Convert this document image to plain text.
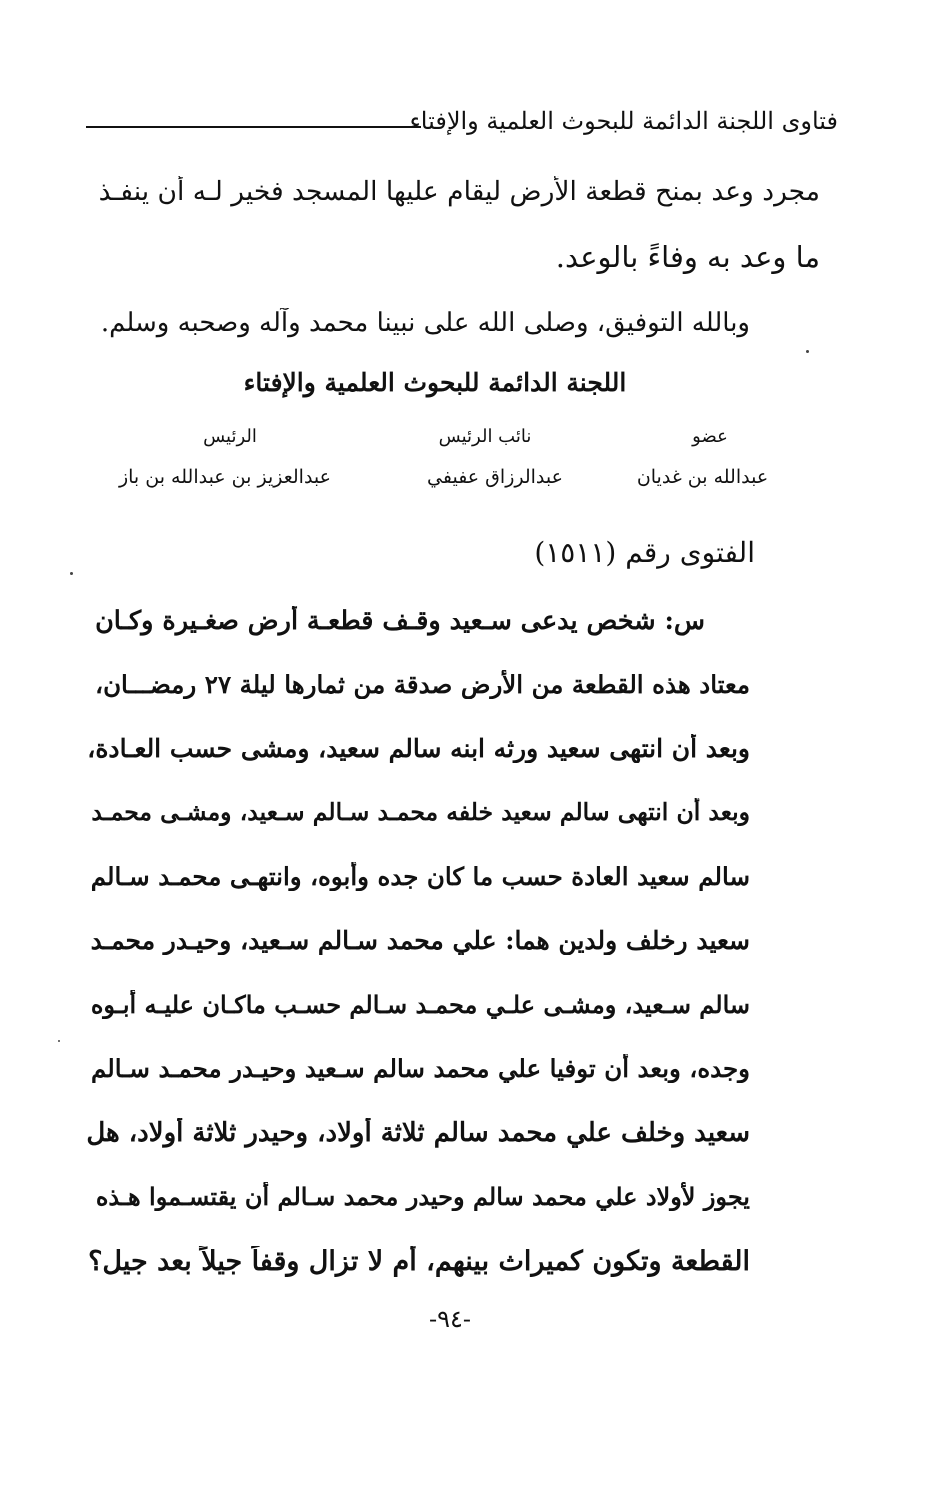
فتاوى اللجنة الدائمة للبحوث العلمية والإفتاء
مجرد وعد بمنح قطعة الأرض ليقام عليها المسجد فخير لـه أن ينفـذ
ما وعد به وفاءً بالوعد.
وبالله التوفيق، وصلى الله على نبينا محمد وآله وصحبه وسلم.
اللجنة الدائمة للبحوث العلمية والإفتاء
الرئيس
عبدالعزيز بن عبدالله بن باز
نائب الرئيس
عبدالرزاق عفيفي
عضو
عبدالله بن غديان
الفتوى رقم (١٥١١)
س: شخص يدعى سـعيد وقـف قطعـة أرض صغـيرة وكـان
معتاد هذه القطعة من الأرض صدقة من ثمارها ليلة ٢٧ رمضـــان،
وبعد أن انتهى سعيد ورثه ابنه سالم سعيد، ومشى حسب العـادة،
وبعد أن انتهى سالم سعيد خلفه محمـد سـالم سـعيد، ومشـى محمـد
سالم سعيد العادة حسب ما كان جده وأبوه، وانتهـى محمـد سـالم
سعيد رخلف ولدين هما: علي محمد سـالم سـعيد، وحيـدر محمـد
سالم سـعيد، ومشـى علـي محمـد سـالم حسـب ماكـان عليـه أبـوه
وجده، وبعد أن توفيا علي محمد سالم سـعيد وحيـدر محمـد سـالم
سعيد وخلف علي محمد سالم ثلاثة أولاد، وحيدر ثلاثة أولاد، هل
يجوز لأولاد علي محمد سالم وحيدر محمد سـالم أن يقتسـموا هـذه
القطعة وتكون كميراث بينهم، أم لا تزال وقفاً جيلاً بعد جيل؟
-٩٤-
